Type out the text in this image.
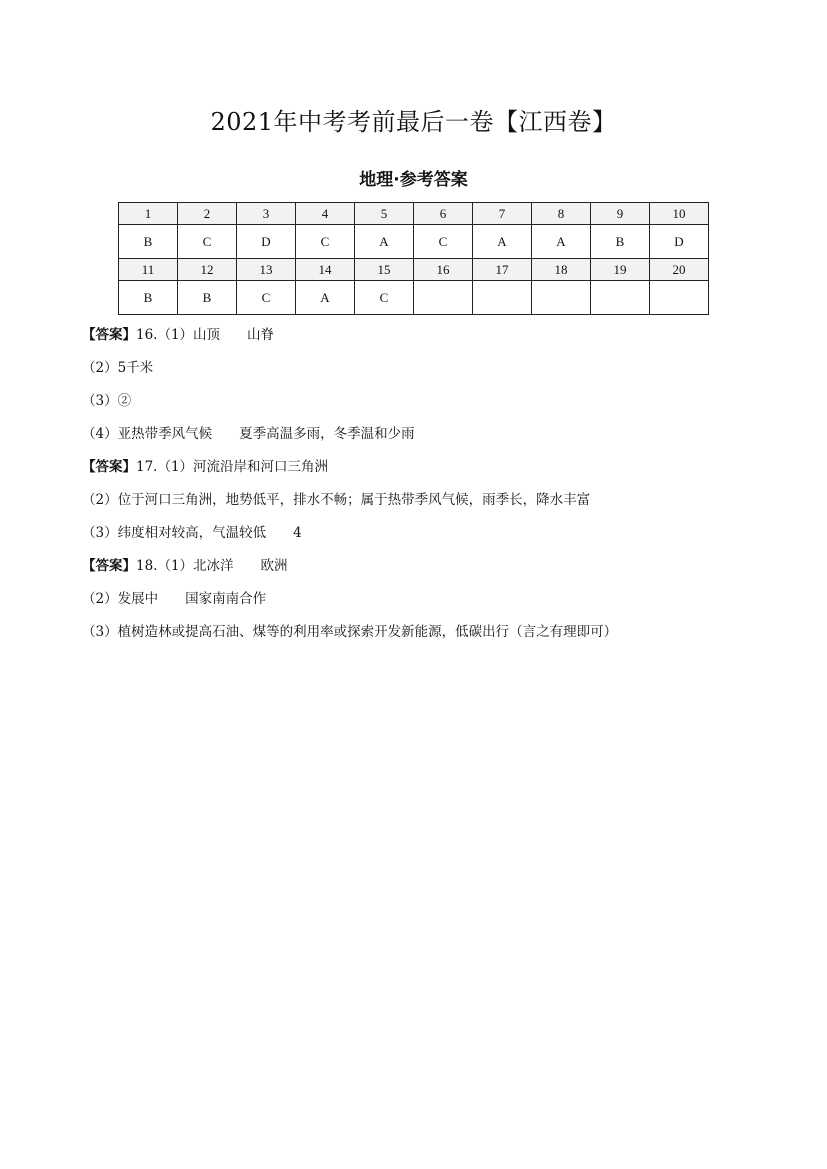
2021年中考考前最后一卷【江西卷】
地理·参考答案
1	2	3	4	5	6	7	8	9	10
B	C	D	C	A	C	A	A	B	D
11	12	13	14	15	16	17	18	19	20
B	B	C	A	C					
【答案】16.（1）山顶　　山脊
（2）5千米
（3）②
（4）亚热带季风气候　　夏季高温多雨，冬季温和少雨
【答案】17.（1）河流沿岸和河口三角洲
（2）位于河口三角洲，地势低平，排水不畅；属于热带季风气候，雨季长，降水丰富
（3）纬度相对较高，气温较低　　4
【答案】18.（1）北冰洋　　欧洲
（2）发展中　　国家南南合作
（3）植树造林或提高石油、煤等的利用率或探索开发新能源，低碳出行（言之有理即可）
